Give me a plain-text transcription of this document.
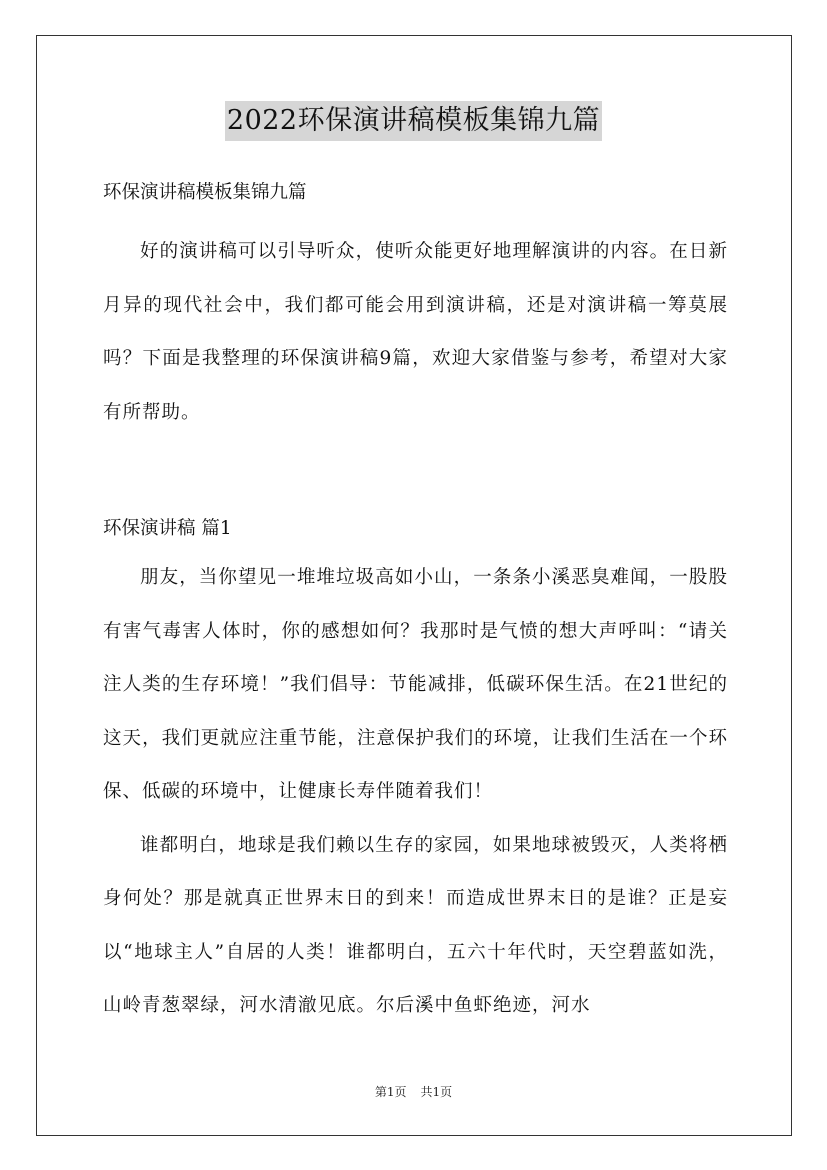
2022环保演讲稿模板集锦九篇

环保演讲稿模板集锦九篇

好的演讲稿可以引导听众，使听众能更好地理解演讲的内容。在日新月异的现代社会中，我们都可能会用到演讲稿，还是对演讲稿一筹莫展吗？下面是我整理的环保演讲稿9篇，欢迎大家借鉴与参考，希望对大家有所帮助。

环保演讲稿 篇1

朋友，当你望见一堆堆垃圾高如小山，一条条小溪恶臭难闻，一股股有害气毒害人体时，你的感想如何？我那时是气愤的想大声呼叫：“请关注人类的生存环境！”我们倡导：节能减排，低碳环保生活。在21世纪的这天，我们更就应注重节能，注意保护我们的环境，让我们生活在一个环保、低碳的环境中，让健康长寿伴随着我们！

谁都明白，地球是我们赖以生存的家园，如果地球被毁灭，人类将栖身何处？那是就真正世界末日的到来！而造成世界末日的是谁？正是妄以“地球主人”自居的人类！谁都明白，五六十年代时，天空碧蓝如洗，山岭青葱翠绿，河水清澈见底。尔后溪中鱼虾绝迹，河水

第1页 共1页
